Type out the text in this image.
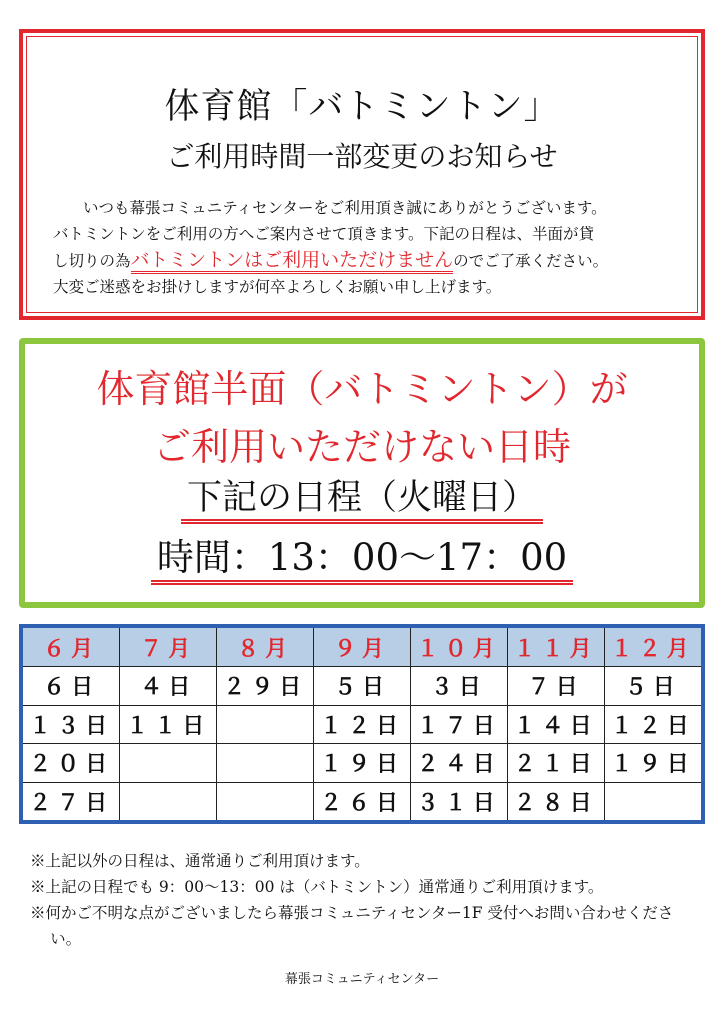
体育館「バトミントン」
ご利用時間一部変更のお知らせ

いつも幕張コミュニティセンターをご利用頂き誠にありがとうございます。

バトミントンをご利用の方へご案内させて頂きます。下記の日程は、半面が貸

し切りの為バトミントンはご利用いただけませんのでご了承ください。

大変ご迷惑をお掛けしますが何卒よろしくお願い申し上げます。

体育館半面（バトミントン）が
ご利用いただけない日時
下記の日程（火曜日）
時間：13：00～17：00
６月	７月	８月	９月	１０月	１１月	１２月
６日	４日	２９日	５日	３日	７日	５日
１３日	１１日		１２日	１７日	１４日	１２日
２０日			１９日	２４日	２１日	１９日
２７日			２６日	３１日	２８日	

※上記以外の日程は、通常通りご利用頂けます。

※上記の日程でも 9：00～13：00 は（バトミントン）通常通りご利用頂けます。

※何かご不明な点がございましたら幕張コミュニティセンター1F 受付へお問い合わせください。

幕張コミュニティセンター
